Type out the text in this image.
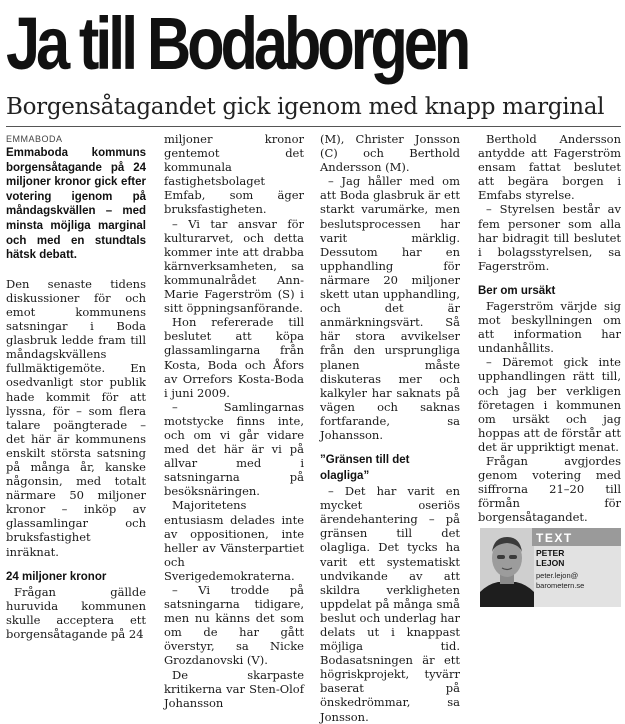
Ja till Bodaborgen
Borgensåtagandet gick igenom med knapp marginal
EMMABODA

Emmaboda kommuns borgensåtagande på 24 miljoner kronor gick efter votering igenom på måndagskvällen – med minsta möjliga marginal och med en stundtals hätsk debatt.

Den senaste tidens diskussioner för och emot kommunens satsningar i Boda glasbruk ledde fram till måndagskvällens fullmäktigemöte. En osedvanligt stor publik hade kommit för att lyssna, för – som flera talare poängterade – det här är kommunens enskilt största satsning på många år, kanske någonsin, med totalt närmare 50 miljoner kronor – inköp av glassamlingar och bruksfastighet inräknat.

24 miljoner kronor

Frågan gällde huruvida kommunen skulle acceptera ett borgensåtagande på 24

miljoner kronor gentemot det kommunala fastighetsbolaget Emfab, som äger bruksfastigheten.

– Vi tar ansvar för kulturarvet, och detta kommer inte att drabba kärnverksamheten, sa kommunalrådet Ann-Marie Fagerström (S) i sitt öppningsanförande.

Hon refererade till beslutet att köpa glassamlingarna från Kosta, Boda och Åfors av Orrefors Kosta-Boda i juni 2009.

– Samlingarnas motstycke finns inte, och om vi går vidare med det här är vi på allvar med i satsningarna på besöksnäringen.

Majoritetens entusiasm delades inte av oppositionen, inte heller av Vänsterpartiet och Sverigedemokraterna.

– Vi trodde på satsningarna tidigare, men nu känns det som om de har gått överstyr, sa Nicke Grozdanovski (V).

De skarpaste kritikerna var Sten-Olof Johansson

(M), Christer Jonsson (C) och Berthold Andersson (M).

– Jag håller med om att Boda glasbruk är ett starkt varumärke, men beslutsprocessen har varit märklig. Dessutom har en upphandling för närmare 20 miljoner skett utan upphandling, och det är anmärkningsvärt. Så här stora avvikelser från den ursprungliga planen måste diskuteras mer och kalkyler har saknats på vägen och saknas fortfarande, sa Johansson.

”Gränsen till det olagliga”

– Det har varit en mycket oseriös ärendehantering – på gränsen till det olagliga. Det tycks ha varit ett systematiskt undvikande av att skildra verkligheten uppdelat på många små beslut och underlag har delats ut i knappast möjliga tid. Bodasatsningen är ett högriskprojekt, tyvärr baserat på önskedrömmar, sa Jonsson.

Berthold Andersson antydde att Fagerström ensam fattat beslutet att begära borgen i Emfabs styrelse.

– Styrelsen består av fem personer som alla har bidragit till beslutet i bolagsstyrelsen, sa Fagerström.

Ber om ursäkt

Fagerström värjde sig mot beskyllningen om att information har undanhållits.

– Däremot gick inte upphandlingen rätt till, och jag ber verkligen företagen i kommunen om ursäkt och jag hoppas att de förstår att det är uppriktigt menat.

Frågan avgjordes genom votering med siffrorna 21–20 till förmån för borgensåtagandet.

TEXT
PETER
LEJON
peter.lejon@ barometern.se
